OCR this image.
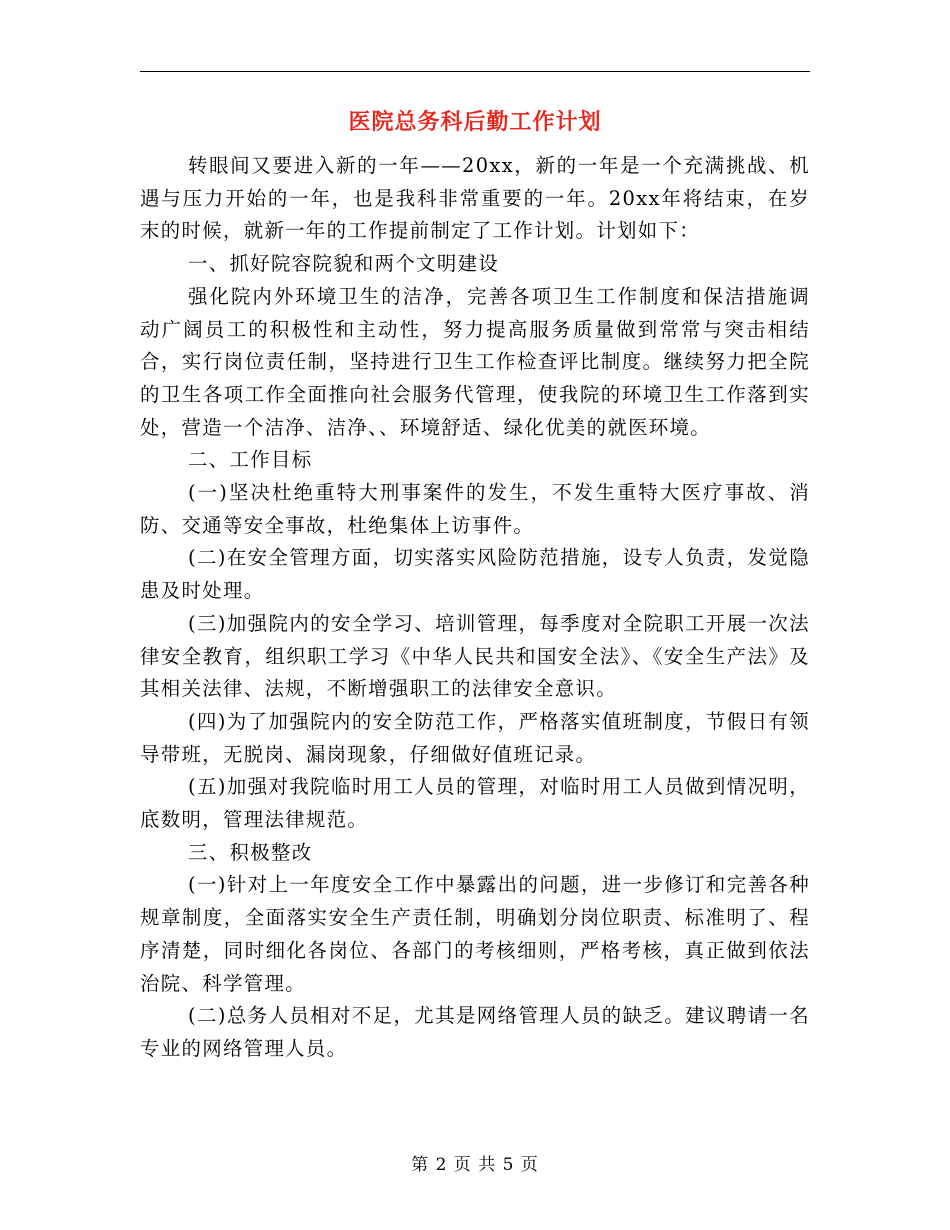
医院总务科后勤工作计划

转眼间又要进入新的一年——20xx，新的一年是一个充满挑战、机遇与压力开始的一年，也是我科非常重要的一年。20xx年将结束，在岁末的时候，就新一年的工作提前制定了工作计划。计划如下：

一、抓好院容院貌和两个文明建设

强化院内外环境卫生的洁净，完善各项卫生工作制度和保洁措施调动广阔员工的积极性和主动性，努力提高服务质量做到常常与突击相结合，实行岗位责任制，坚持进行卫生工作检查评比制度。继续努力把全院的卫生各项工作全面推向社会服务代管理，使我院的环境卫生工作落到实处，营造一个洁净、洁净、、环境舒适、绿化优美的就医环境。

二、工作目标

(一)坚决杜绝重特大刑事案件的发生，不发生重特大医疗事故、消防、交通等安全事故，杜绝集体上访事件。

(二)在安全管理方面，切实落实风险防范措施，设专人负责，发觉隐患及时处理。

(三)加强院内的安全学习、培训管理，每季度对全院职工开展一次法律安全教育，组织职工学习《中华人民共和国安全法》、《安全生产法》及其相关法律、法规，不断增强职工的法律安全意识。

(四)为了加强院内的安全防范工作，严格落实值班制度，节假日有领导带班，无脱岗、漏岗现象，仔细做好值班记录。

(五)加强对我院临时用工人员的管理，对临时用工人员做到情况明，底数明，管理法律规范。

三、积极整改

(一)针对上一年度安全工作中暴露出的问题，进一步修订和完善各种规章制度，全面落实安全生产责任制，明确划分岗位职责、标准明了、程序清楚，同时细化各岗位、各部门的考核细则，严格考核，真正做到依法治院、科学管理。

(二)总务人员相对不足，尤其是网络管理人员的缺乏。建议聘请一名专业的网络管理人员。

第 2 页 共 5 页
